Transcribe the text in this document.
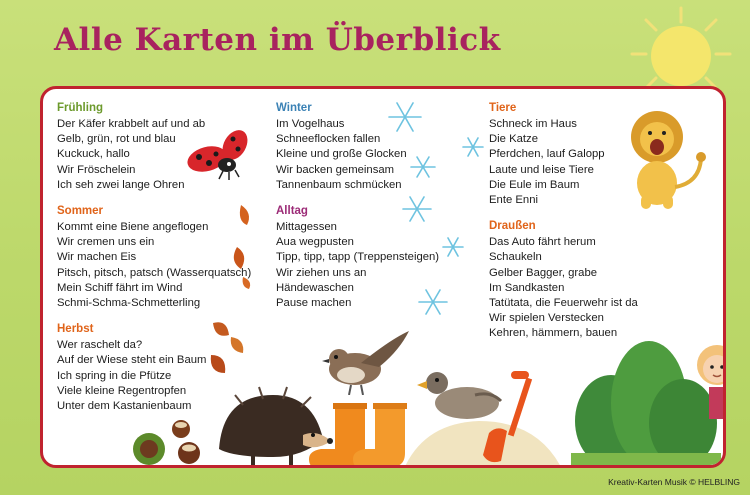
Alle Karten im Überblick
Frühling
Der Käfer krabbelt auf und ab
Gelb, grün, rot und blau
Kuckuck, hallo
Wir Fröschelein
Ich seh zwei lange Ohren
Sommer
Kommt eine Biene angeflogen
Wir cremen uns ein
Wir machen Eis
Pitsch, pitsch, patsch (Wasserquatsch)
Mein Schiff fährt im Wind
Schmi-Schma-Schmetterling
Herbst
Wer raschelt da?
Auf der Wiese steht ein Baum
Ich spring in die Pfütze
Viele kleine Regentropfen
Unter dem Kastanienbaum
Winter
Im Vogelhaus
Schneeflocken fallen
Kleine und große Glocken
Wir backen gemeinsam
Tannenbaum schmücken
Alltag
Mittagessen
Aua wegpusten
Tipp, tipp, tapp (Treppensteigen)
Wir ziehen uns an
Händewaschen
Pause machen
Tiere
Schneck im Haus
Die Katze
Pferdchen, lauf Galopp
Laute und leise Tiere
Die Eule im Baum
Ente Enni
Draußen
Das Auto fährt herum
Schaukeln
Gelber Bagger, grabe
Im Sandkasten
Tatütata, die Feuerwehr ist da
Wir spielen Verstecken
Kehren, hämmern, bauen
Kreativ-Karten Musik © HELBLING
